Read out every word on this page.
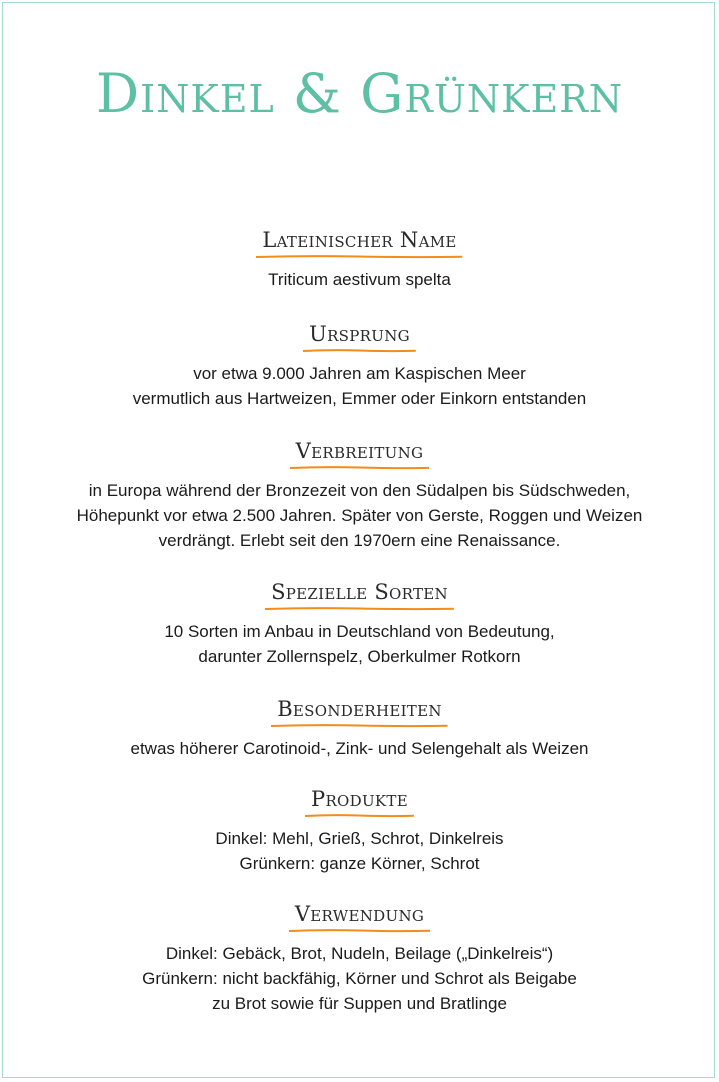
Dinkel & Grünkern
Lateinischer Name
Triticum aestivum spelta
Ursprung
vor etwa 9.000 Jahren am Kaspischen Meer
vermutlich aus Hartweizen, Emmer oder Einkorn entstanden
Verbreitung
in Europa während der Bronzezeit von den Südalpen bis Südschweden,
Höhepunkt vor etwa 2.500 Jahren. Später von Gerste, Roggen und Weizen
verdrängt. Erlebt seit den 1970ern eine Renaissance.
Spezielle Sorten
10 Sorten im Anbau in Deutschland von Bedeutung,
darunter Zollernspelz, Oberkulmer Rotkorn
Besonderheiten
etwas höherer Carotinoid-, Zink- und Selengehalt als Weizen
Produkte
Dinkel: Mehl, Grieß, Schrot, Dinkelreis
Grünkern: ganze Körner, Schrot
Verwendung
Dinkel: Gebäck, Brot, Nudeln, Beilage („Dinkelreis“)
Grünkern: nicht backfähig, Körner und Schrot als Beigabe
zu Brot sowie für Suppen und Bratlinge
